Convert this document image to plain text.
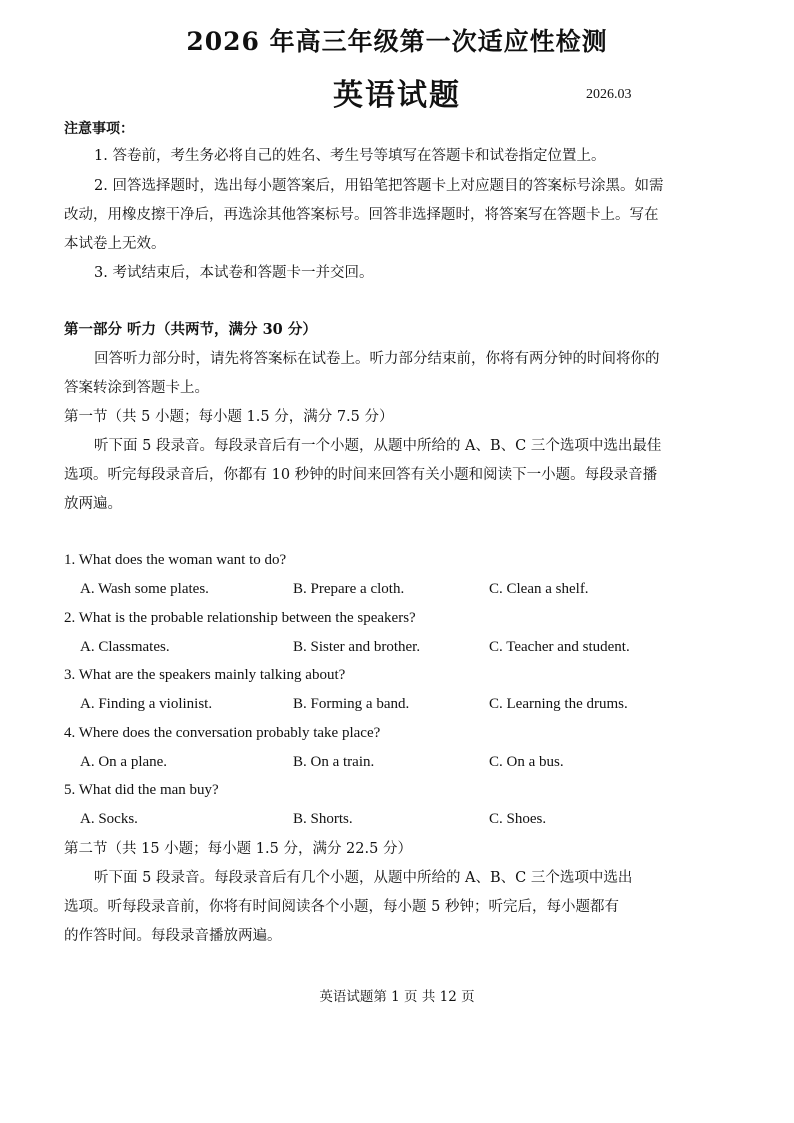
2026 年高三年级第一次适应性检测
英语试题	2026.03
注意事项：
1. 答卷前，考生务必将自己的姓名、考生号等填写在答题卡和试卷指定位置上。
2. 回答选择题时，选出每小题答案后，用铅笔把答题卡上对应题目的答案标号涂黑。如需
改动，用橡皮擦干净后，再选涂其他答案标号。回答非选择题时，将答案写在答题卡上。写在
本试卷上无效。
3. 考试结束后，本试卷和答题卡一并交回。
第一部分 听力（共两节，满分 30 分）
回答听力部分时，请先将答案标在试卷上。听力部分结束前，你将有两分钟的时间将你的
答案转涂到答题卡上。
第一节（共 5 小题；每小题 1.5 分，满分 7.5 分）
听下面 5 段录音。每段录音后有一个小题，从题中所给的 A、B、C 三个选项中选出最佳
选项。听完每段录音后，你都有 10 秒钟的时间来回答有关小题和阅读下一小题。每段录音播
放两遍。
1. What does the woman want to do?
A. Wash some plates.	B. Prepare a cloth.	C. Clean a shelf.
2. What is the probable relationship between the speakers?
A. Classmates.	B. Sister and brother.	C. Teacher and student.
3. What are the speakers mainly talking about?
A. Finding a violinist.	B. Forming a band.	C. Learning the drums.
4. Where does the conversation probably take place?
A. On a plane.	B. On a train.	C. On a bus.
5. What did the man buy?
A. Socks.	B. Shorts.	C. Shoes.
第二节（共 15 小题；每小题 1.5 分，满分 22.5 分）
听下面 5 段录音。每段录音后有几个小题，从题中所给的 A、B、C 三个选项中选出
选项。听每段录音前，你将有时间阅读各个小题，每小题 5 秒钟；听完后，每小题都有
的作答时间。每段录音播放两遍。
英语试题第 1 页 共 12 页
